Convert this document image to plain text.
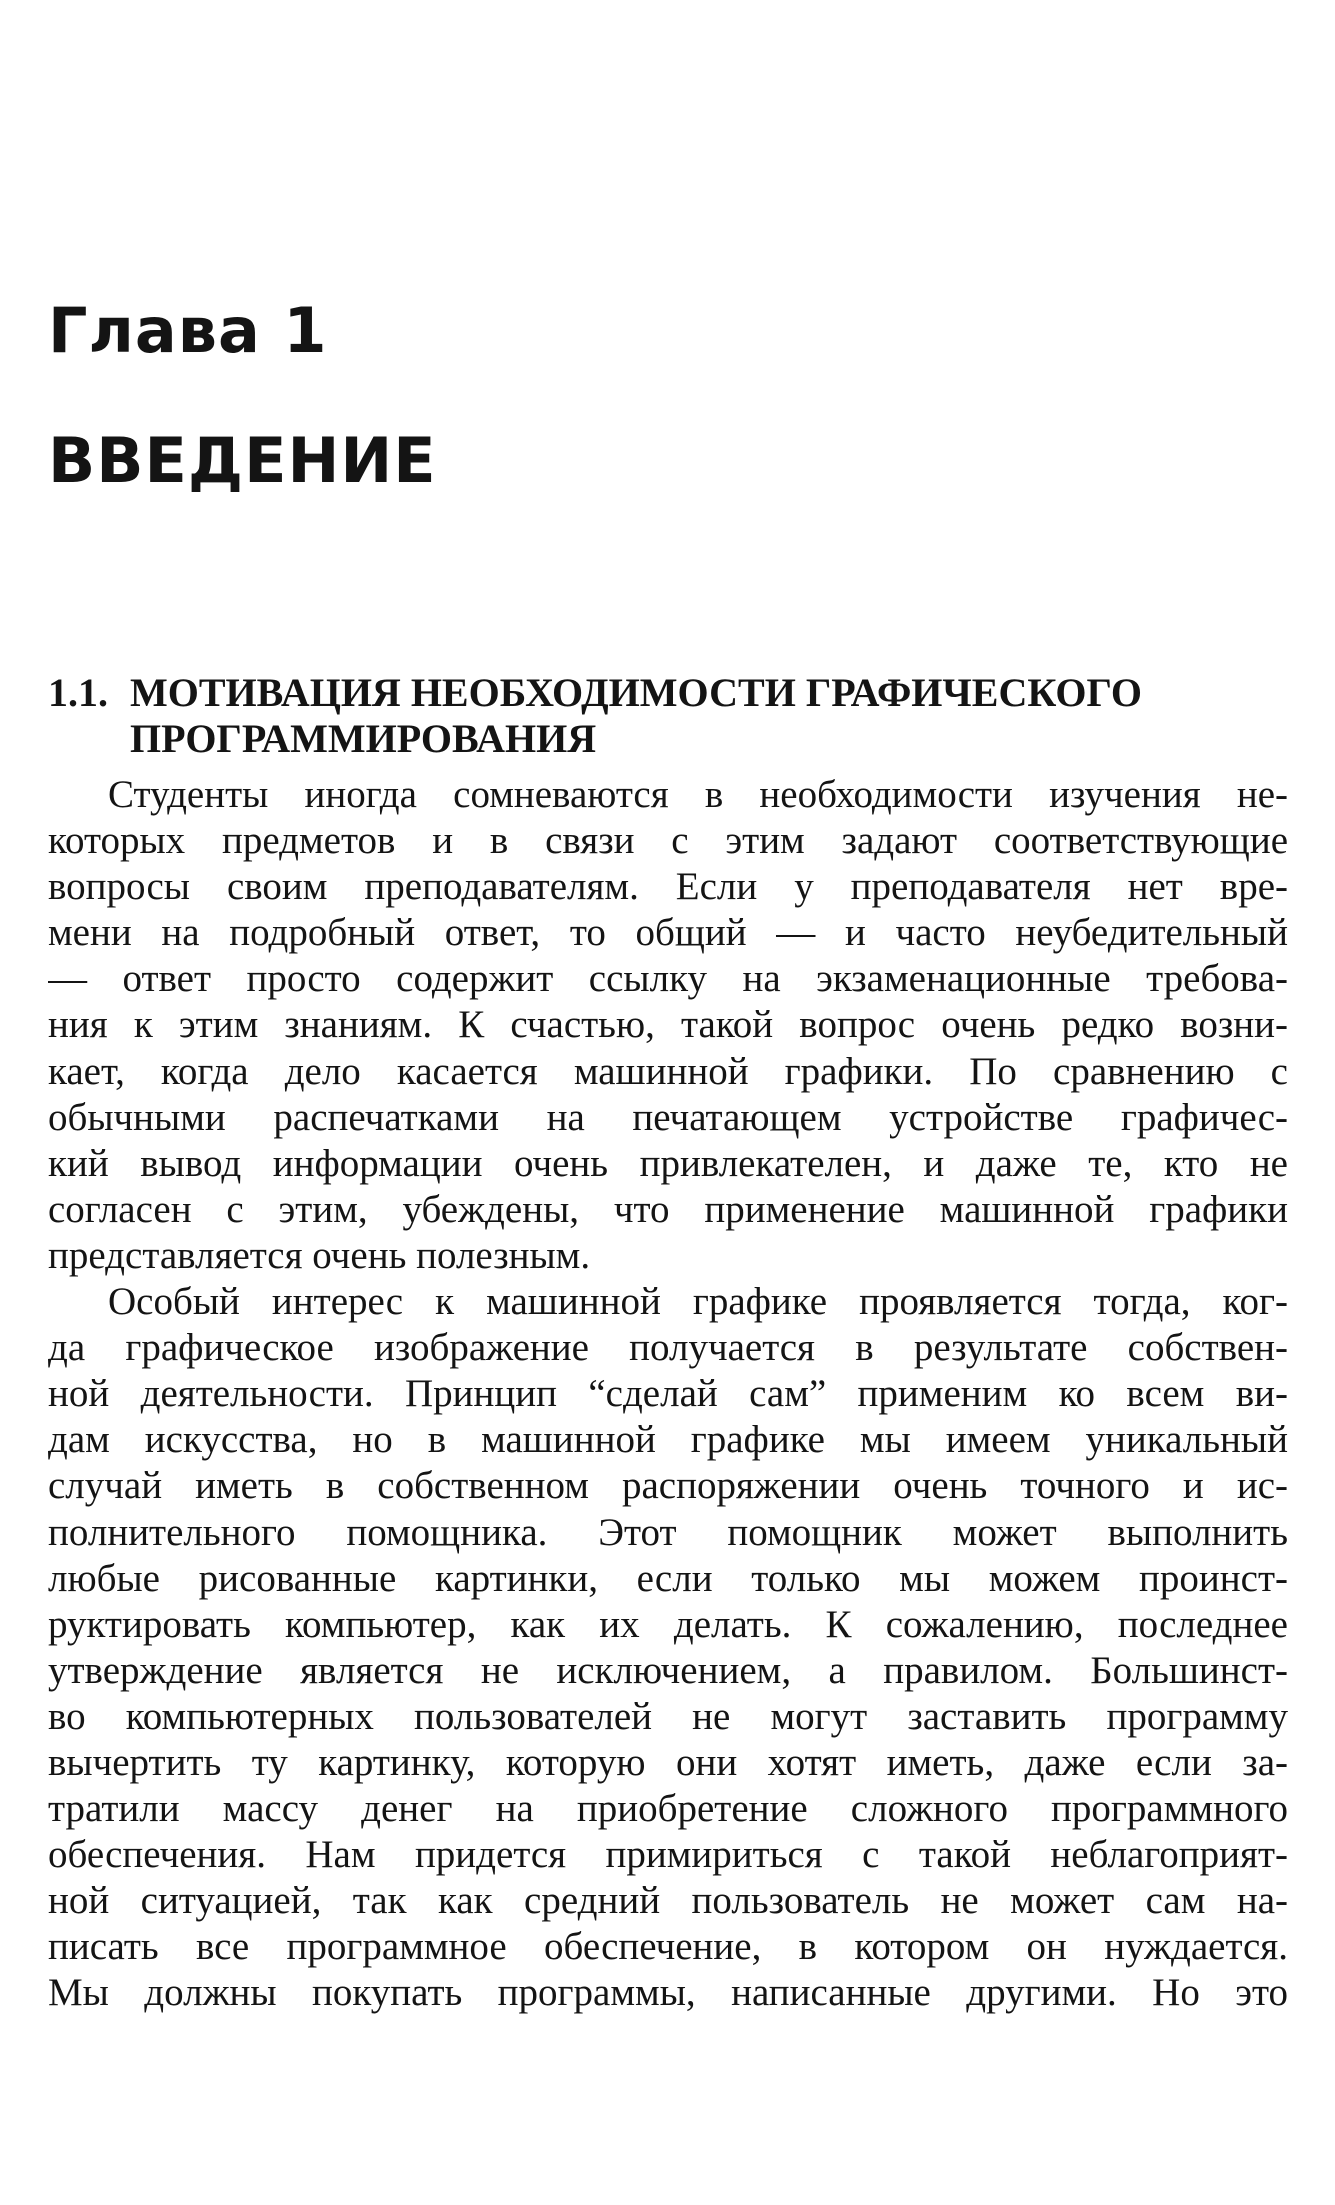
Глава 1
ВВЕДЕНИЕ
1.1. МОТИВАЦИЯ НЕОБХОДИМОСТИ ГРАФИЧЕСКОГО
ПРОГРАММИРОВАНИЯ

Студенты иногда сомневаются в необходимости изучения не-
которых предметов и в связи с этим задают соответствующие
вопросы своим преподавателям. Если у преподавателя нет вре-
мени на подробный ответ, то общий — и часто неубедительный
— ответ просто содержит ссылку на экзаменационные требова-
ния к этим знаниям. К счастью, такой вопрос очень редко возни-
кает, когда дело касается машинной графики. По сравнению с
обычными распечатками на печатающем устройстве графичес-
кий вывод информации очень привлекателен, и даже те, кто не
согласен с этим, убеждены, что применение машинной графики
представляется очень полезным.

Особый интерес к машинной графике проявляется тогда, ког-
да графическое изображение получается в результате собствен-
ной деятельности. Принцип “сделай сам” применим ко всем ви-
дам искусства, но в машинной графике мы имеем уникальный
случай иметь в собственном распоряжении очень точного и ис-
полнительного помощника. Этот помощник может выполнить
любые рисованные картинки, если только мы можем проинст-
руктировать компьютер, как их делать. К сожалению, последнее
утверждение является не исключением, а правилом. Большинст-
во компьютерных пользователей не могут заставить программу
вычертить ту картинку, которую они хотят иметь, даже если за-
тратили массу денег на приобретение сложного программного
обеспечения. Нам придется примириться с такой неблагоприят-
ной ситуацией, так как средний пользователь не может сам на-
писать все программное обеспечение, в котором он нуждается.
Мы должны покупать программы, написанные другими. Но это
